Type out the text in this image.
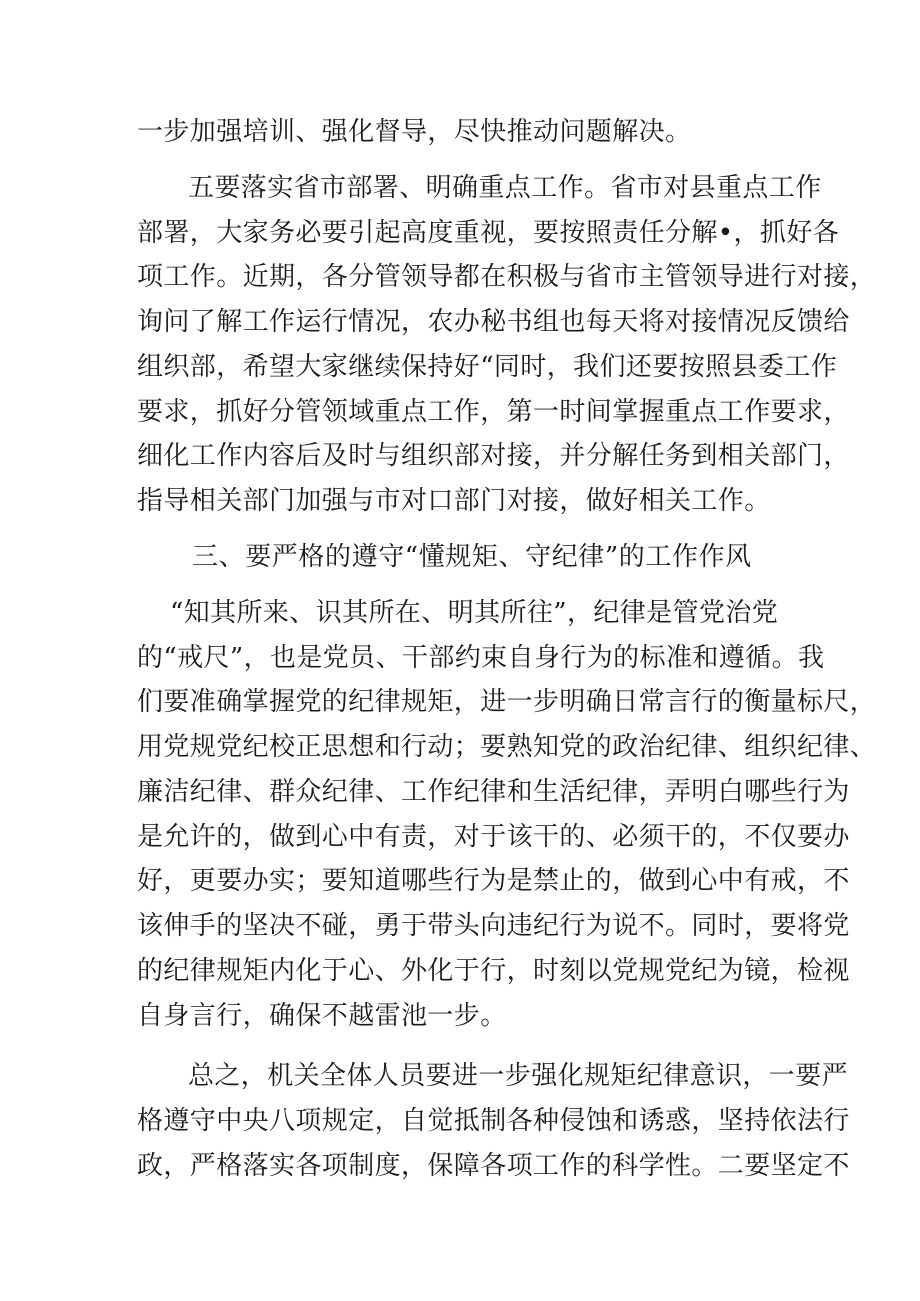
一步加强培训、强化督导，尽快推动问题解决。
五要落实省市部署、明确重点工作。省市对县重点工作
部署，大家务必要引起高度重视，要按照责任分解•，抓好各
项工作。近期，各分管领导都在积极与省市主管领导进行对接，
询问了解工作运行情况，农办秘书组也每天将对接情况反馈给
组织部，希望大家继续保持好“同时，我们还要按照县委工作
要求，抓好分管领域重点工作，第一时间掌握重点工作要求，
细化工作内容后及时与组织部对接，并分解任务到相关部门，
指导相关部门加强与市对口部门对接，做好相关工作。
三、要严格的遵守“懂规矩、守纪律”的工作作风
“知其所来、识其所在、明其所往”，纪律是管党治党
的“戒尺”，也是党员、干部约束自身行为的标准和遵循。我
们要准确掌握党的纪律规矩，进一步明确日常言行的衡量标尺，
用党规党纪校正思想和行动；要熟知党的政治纪律、组织纪律、
廉洁纪律、群众纪律、工作纪律和生活纪律，弄明白哪些行为
是允许的，做到心中有责，对于该干的、必须干的，不仅要办
好，更要办实；要知道哪些行为是禁止的，做到心中有戒，不
该伸手的坚决不碰，勇于带头向违纪行为说不。同时，要将党
的纪律规矩内化于心、外化于行，时刻以党规党纪为镜，检视
自身言行，确保不越雷池一步。
总之，机关全体人员要进一步强化规矩纪律意识，一要严
格遵守中央八项规定，自觉抵制各种侵蚀和诱惑，坚持依法行
政，严格落实各项制度，保障各项工作的科学性。二要坚定不
